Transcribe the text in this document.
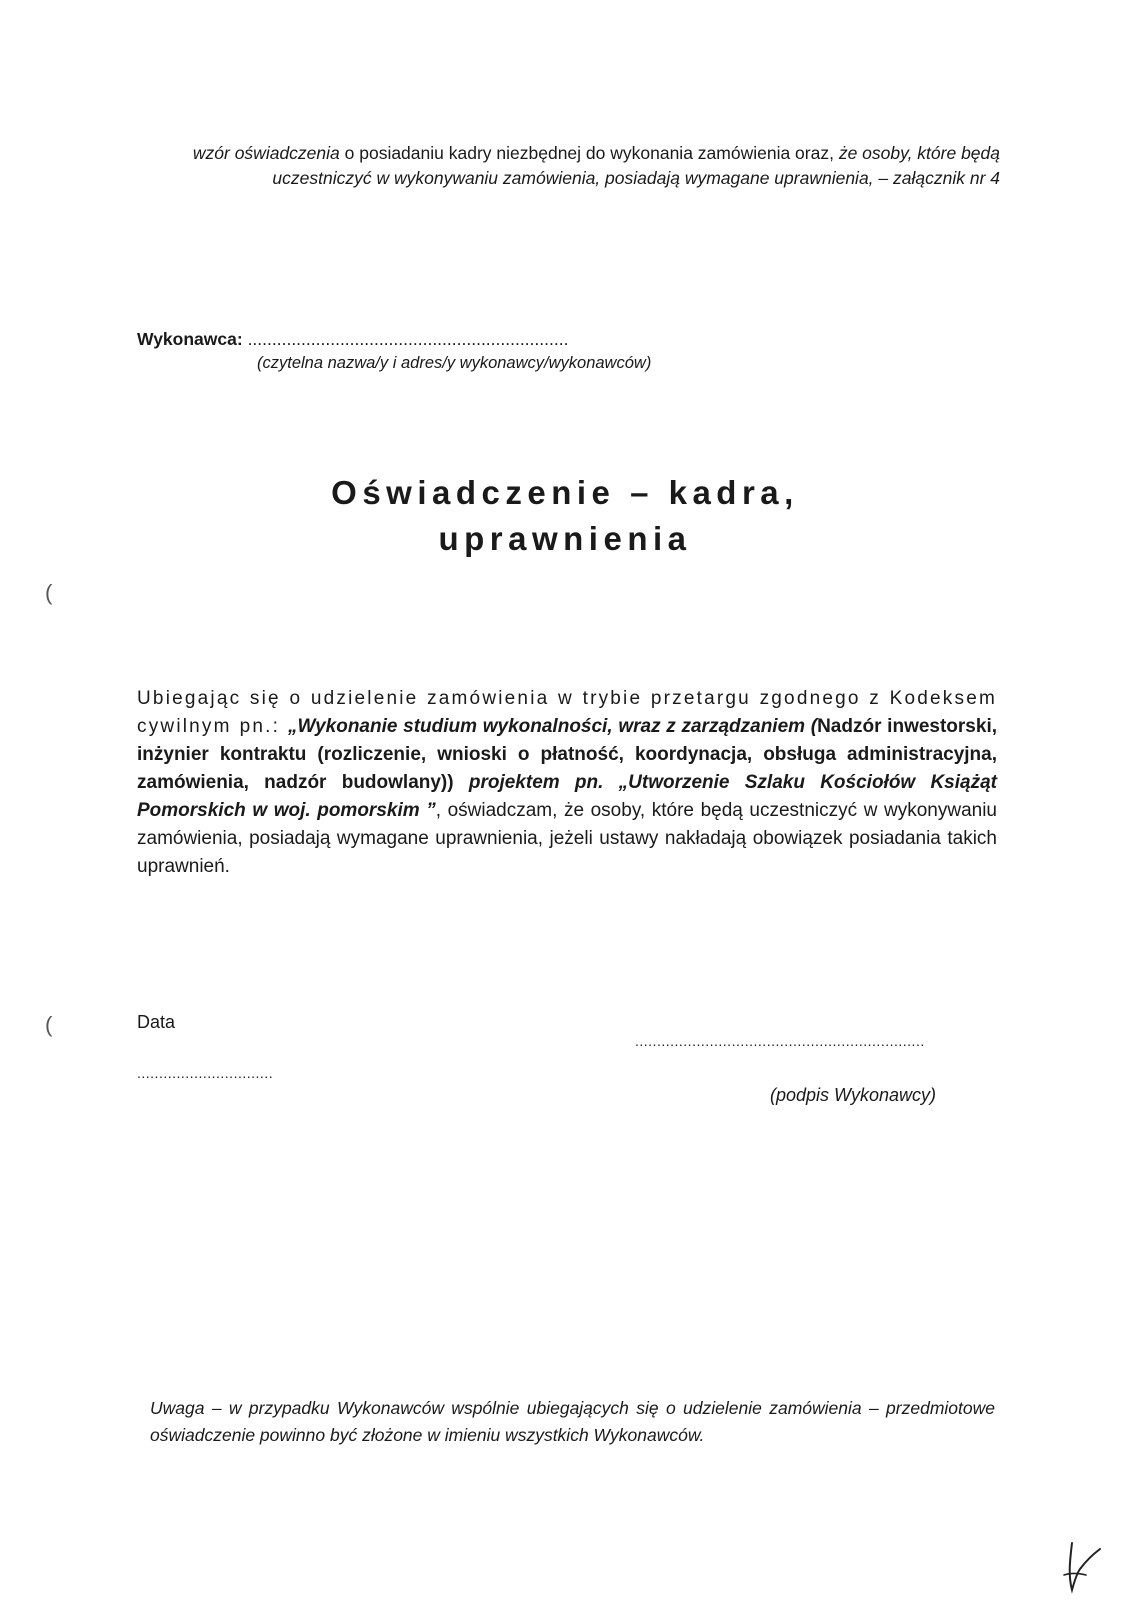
wzór oświadczenia o posiadaniu kadry niezbędnej do wykonania zamówienia oraz, że osoby, które będą uczestniczyć w wykonywaniu zamówienia, posiadają wymagane uprawnienia, – załącznik nr 4
Wykonawca: ..................................................................
(czytelna nazwa/y i adres/y wykonawcy/wykonawców)
Oświadczenie – kadra,
uprawnienia
Ubiegając się o udzielenie zamówienia w trybie przetargu zgodnego z Kodeksem cywilnym pn.: „Wykonanie studium wykonalności, wraz z zarządzaniem (Nadzór inwestorski, inżynier kontraktu (rozliczenie, wnioski o płatność, koordynacja, obsługa administracyjna, zamówienia, nadzór budowlany)) projektem pn. „Utworzenie Szlaku Kościołów Książąt Pomorskich w woj. pomorskim ”, oświadczam, że osoby, które będą uczestniczyć w wykonywaniu zamówienia, posiadają wymagane uprawnienia, jeżeli ustawy nakładają obowiązek posiadania takich uprawnień.
Data
...............................
..................................................................
(podpis Wykonawcy)
Uwaga – w przypadku Wykonawców wspólnie ubiegających się o udzielenie zamówienia – przedmiotowe oświadczenie powinno być złożone w imieniu wszystkich Wykonawców.
(
(
